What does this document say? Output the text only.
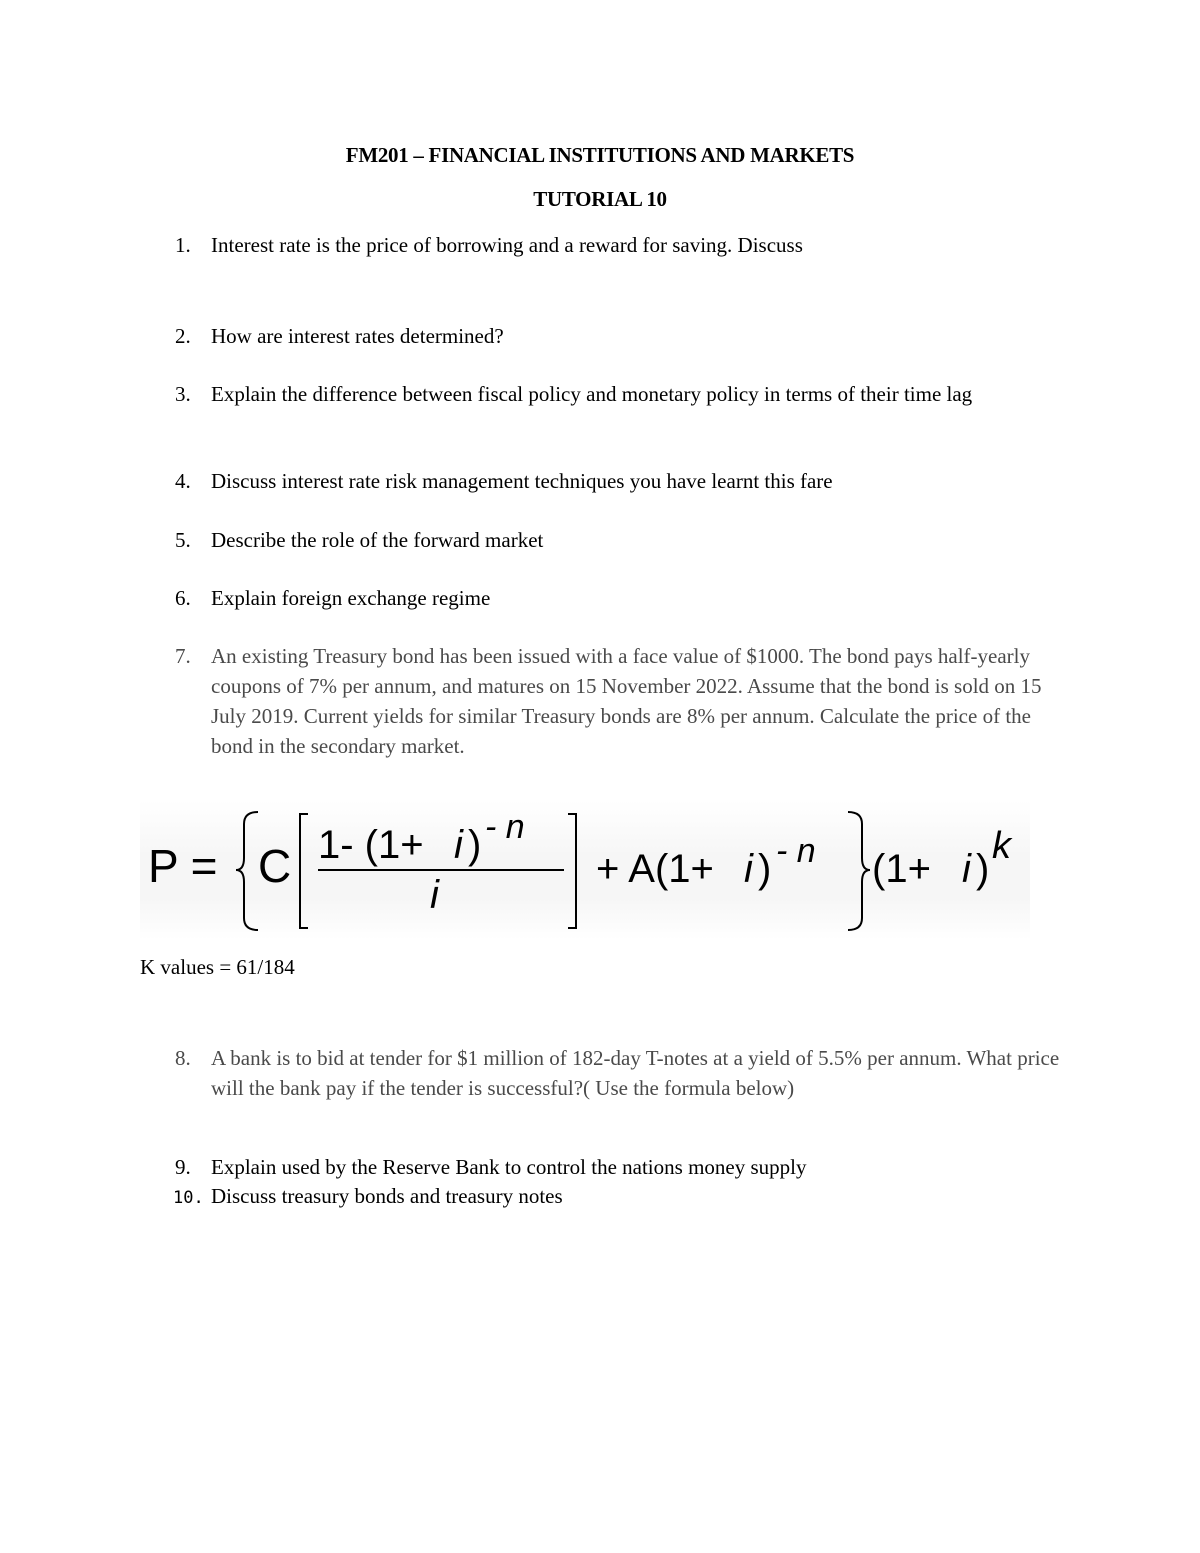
FM201 – FINANCIAL INSTITUTIONS AND MARKETS
TUTORIAL 10
1. Interest rate is the price of borrowing and a reward for saving. Discuss
2. How are interest rates determined?
3. Explain the difference between fiscal policy and monetary policy in terms of their time lag
4. Discuss interest rate risk management techniques you have learnt this fare
5. Describe the role of the forward market
6. Explain foreign exchange regime
7. An existing Treasury bond has been issued with a face value of $1000. The bond pays half-yearly coupons of 7% per annum, and matures on 15 November 2022. Assume that the bond is sold on 15 July 2019. Current yields for similar Treasury bonds are 8% per annum. Calculate the price of the bond in the secondary market.
P = C 1- (1+ i ) - n
i
+ A(1+ i ) - n (1+ i )
k
K values = 61/184
8. A bank is to bid at tender for $1 million of 182-day T-notes at a yield of 5.5% per annum. What price will the bank pay if the tender is successful?( Use the formula below)
9. Explain used by the Reserve Bank to control the nations money supply
10. Discuss treasury bonds and treasury notes
